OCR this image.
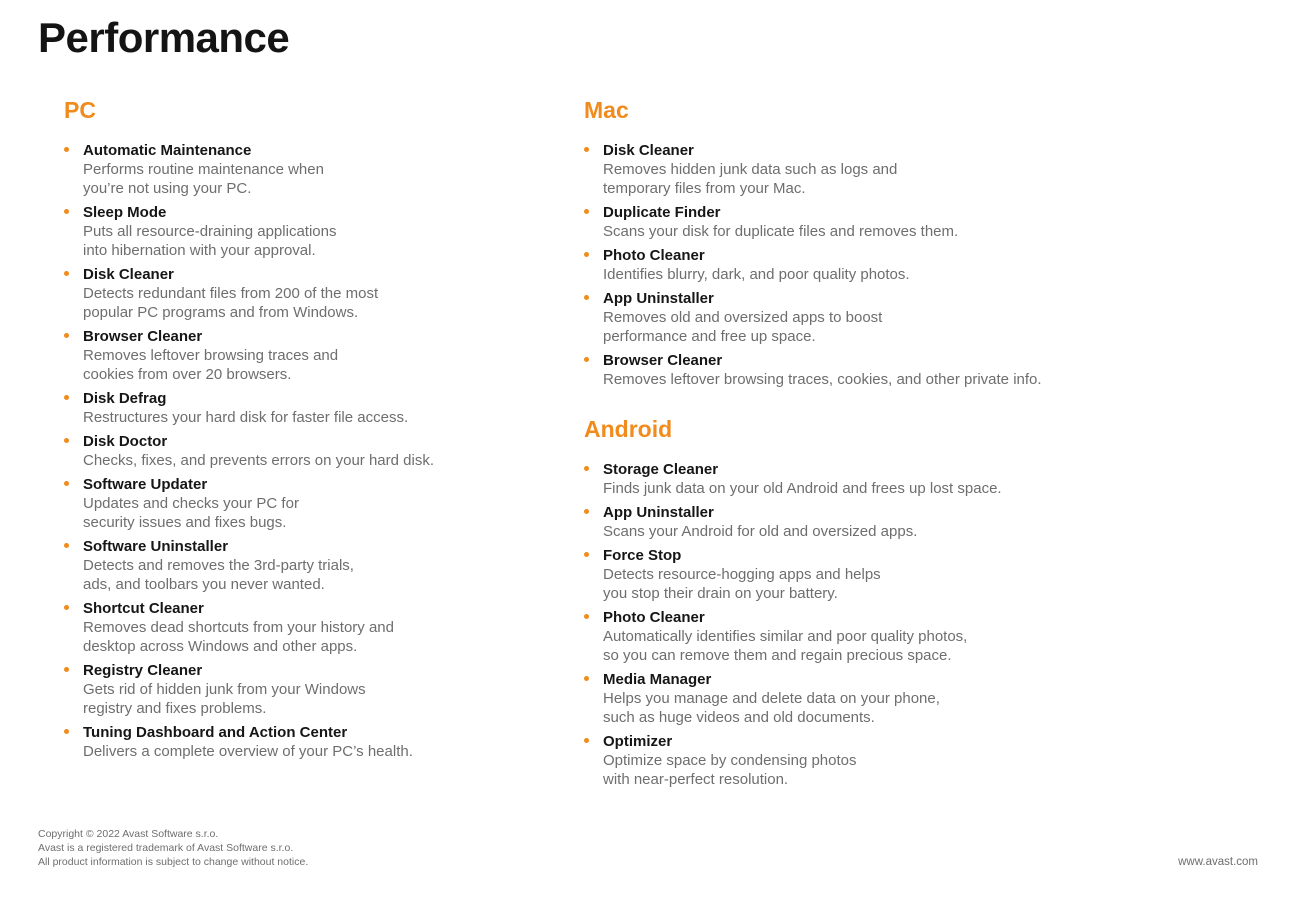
Performance
PC
Automatic Maintenance
Performs routine maintenance when
you’re not using your PC.
Sleep Mode
Puts all resource-draining applications
into hibernation with your approval.
Disk Cleaner
Detects redundant files from 200 of the most
popular PC programs and from Windows.
Browser Cleaner
Removes leftover browsing traces and
cookies from over 20 browsers.
Disk Defrag
Restructures your hard disk for faster file access.
Disk Doctor
Checks, fixes, and prevents errors on your hard disk.
Software Updater
Updates and checks your PC for
security issues and fixes bugs.
Software Uninstaller
Detects and removes the 3rd-party trials,
ads, and toolbars you never wanted.
Shortcut Cleaner
Removes dead shortcuts from your history and
desktop across Windows and other apps.
Registry Cleaner
Gets rid of hidden junk from your Windows
registry and fixes problems.
Tuning Dashboard and Action Center
Delivers a complete overview of your PC’s health.
Mac
Disk Cleaner
Removes hidden junk data such as logs and
temporary files from your Mac.
Duplicate Finder
Scans your disk for duplicate files and removes them.
Photo Cleaner
Identifies blurry, dark, and poor quality photos.
App Uninstaller
Removes old and oversized apps to boost
performance and free up space.
Browser Cleaner
Removes leftover browsing traces, cookies, and other private info.
Android
Storage Cleaner
Finds junk data on your old Android and frees up lost space.
App Uninstaller
Scans your Android for old and oversized apps.
Force Stop
Detects resource-hogging apps and helps
you stop their drain on your battery.
Photo Cleaner
Automatically identifies similar and poor quality photos,
so you can remove them and regain precious space.
Media Manager
Helps you manage and delete data on your phone,
such as huge videos and old documents.
Optimizer
Optimize space by condensing photos
with near-perfect resolution.
Copyright © 2022 Avast Software s.r.o.
Avast is a registered trademark of Avast Software s.r.o.
All product information is subject to change without notice.	www.avast.com
